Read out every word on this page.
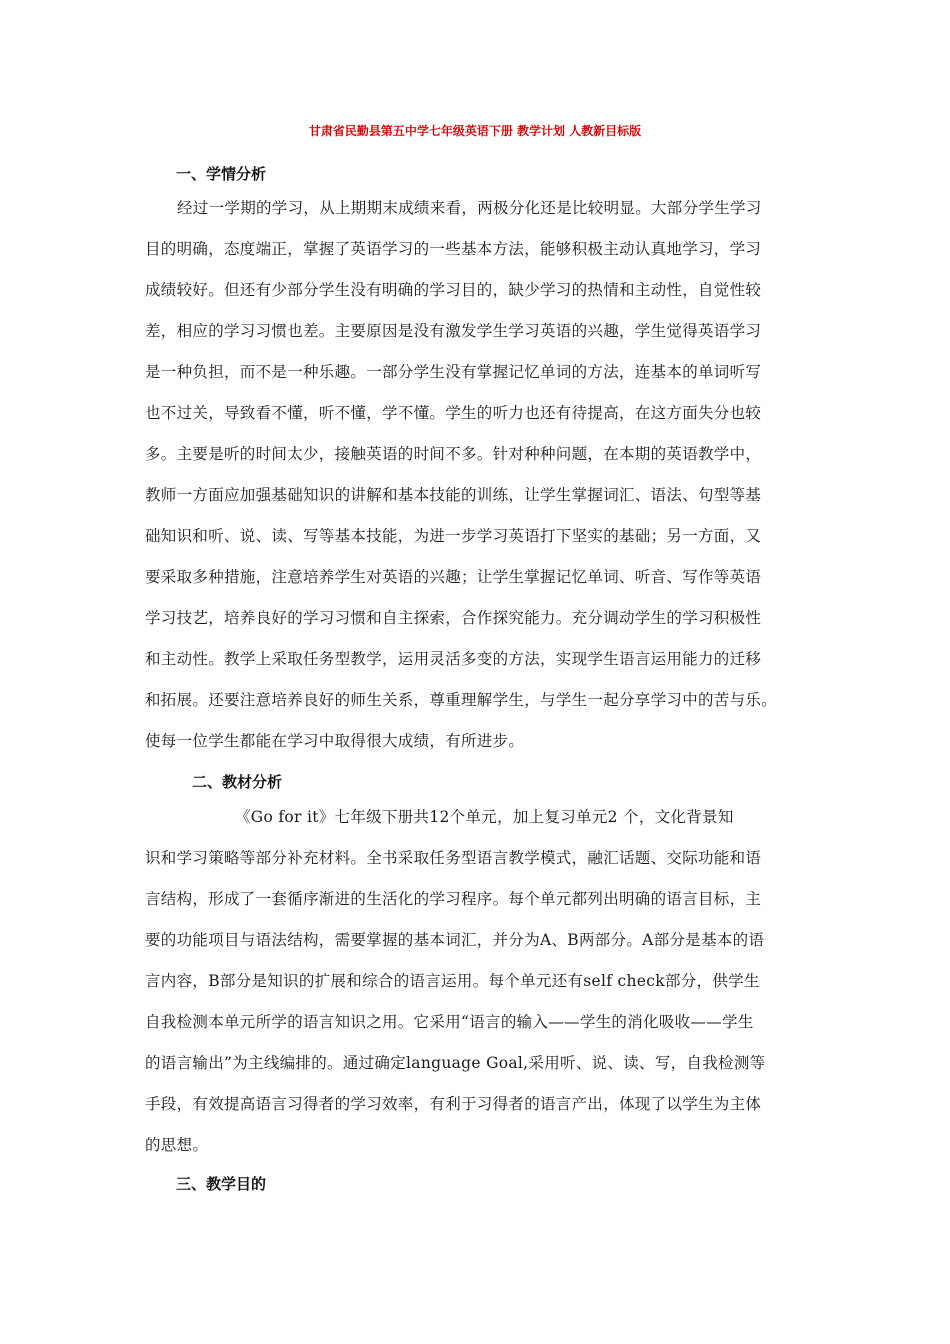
甘肃省民勤县第五中学七年级英语下册 教学计划 人教新目标版
一、学情分析
经过一学期的学习，从上期期末成绩来看，两极分化还是比较明显。大部分学生学习
目的明确，态度端正，掌握了英语学习的一些基本方法，能够积极主动认真地学习，学习
成绩较好。但还有少部分学生没有明确的学习目的，缺少学习的热情和主动性，自觉性较
差，相应的学习习惯也差。主要原因是没有激发学生学习英语的兴趣，学生觉得英语学习
是一种负担，而不是一种乐趣。一部分学生没有掌握记忆单词的方法，连基本的单词听写
也不过关，导致看不懂，听不懂，学不懂。学生的听力也还有待提高，在这方面失分也较
多。主要是听的时间太少，接触英语的时间不多。针对种种问题，在本期的英语教学中，
教师一方面应加强基础知识的讲解和基本技能的训练，让学生掌握词汇、语法、句型等基
础知识和听、说、读、写等基本技能，为进一步学习英语打下坚实的基础；另一方面，又
要采取多种措施，注意培养学生对英语的兴趣；让学生掌握记忆单词、听音、写作等英语
学习技艺，培养良好的学习习惯和自主探索，合作探究能力。充分调动学生的学习积极性
和主动性。教学上采取任务型教学，运用灵活多变的方法，实现学生语言运用能力的迁移
和拓展。还要注意培养良好的师生关系，尊重理解学生，与学生一起分享学习中的苦与乐。
使每一位学生都能在学习中取得很大成绩，有所进步。
二、教材分析
《Go for it》七年级下册共12个单元，加上复习单元2 个，文化背景知
识和学习策略等部分补充材料。全书采取任务型语言教学模式，融汇话题、交际功能和语
言结构，形成了一套循序渐进的生活化的学习程序。每个单元都列出明确的语言目标，主
要的功能项目与语法结构，需要掌握的基本词汇，并分为A、B两部分。A部分是基本的语
言内容，B部分是知识的扩展和综合的语言运用。每个单元还有self check部分，供学生
自我检测本单元所学的语言知识之用。它采用“语言的输入——学生的消化吸收——学生
的语言输出”为主线编排的。通过确定language Goal,采用听、说、读、写，自我检测等
手段，有效提高语言习得者的学习效率，有利于习得者的语言产出，体现了以学生为主体
的思想。
三、教学目的
